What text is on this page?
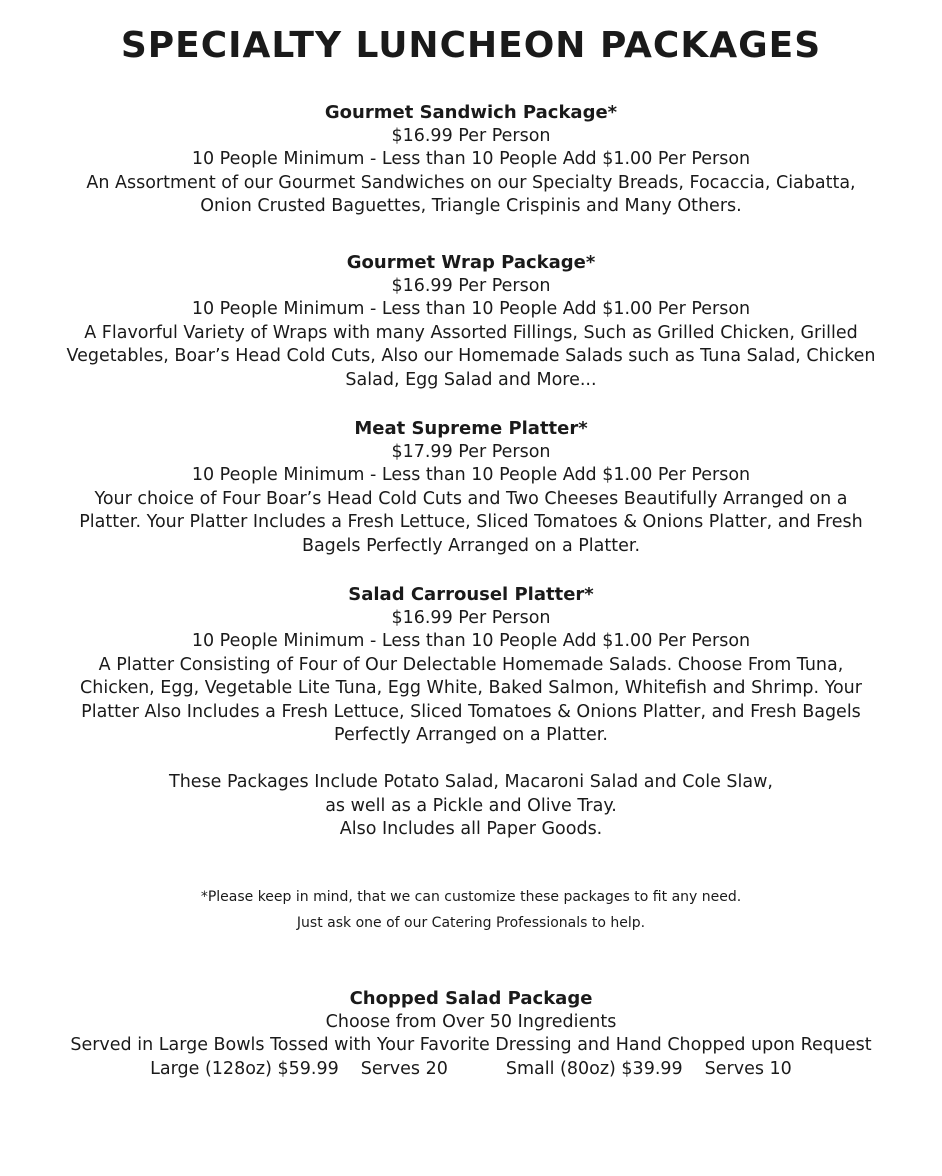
SPECIALTY LUNCHEON PACKAGES
Gourmet Sandwich Package*
$16.99 Per Person
10 People Minimum - Less than 10 People Add $1.00 Per Person
An Assortment of our Gourmet Sandwiches on our Specialty Breads, Focaccia, Ciabatta,
Onion Crusted Baguettes, Triangle Crispinis and Many Others.
Gourmet Wrap Package*
$16.99 Per Person
10 People Minimum - Less than 10 People Add $1.00 Per Person
A Flavorful Variety of Wraps with many Assorted Fillings, Such as Grilled Chicken, Grilled
Vegetables, Boar’s Head Cold Cuts, Also our Homemade Salads such as Tuna Salad, Chicken
Salad, Egg Salad and More...
Meat Supreme Platter*
$17.99 Per Person
10 People Minimum - Less than 10 People Add $1.00 Per Person
Your choice of Four Boar’s Head Cold Cuts and Two Cheeses Beautifully Arranged on a
Platter. Your Platter Includes a Fresh Lettuce, Sliced Tomatoes & Onions Platter, and Fresh
Bagels Perfectly Arranged on a Platter.
Salad Carrousel Platter*
$16.99 Per Person
10 People Minimum - Less than 10 People Add $1.00 Per Person
A Platter Consisting of Four of Our Delectable Homemade Salads. Choose From Tuna,
Chicken, Egg, Vegetable Lite Tuna, Egg White, Baked Salmon, Whitefish and Shrimp. Your
Platter Also Includes a Fresh Lettuce, Sliced Tomatoes & Onions Platter, and Fresh Bagels
Perfectly Arranged on a Platter.
These Packages Include Potato Salad, Macaroni Salad and Cole Slaw,
as well as a Pickle and Olive Tray.
Also Includes all Paper Goods.
*Please keep in mind, that we can customize these packages to fit any need.
Just ask one of our Catering Professionals to help.
Chopped Salad Package
Choose from Over 50 Ingredients
Served in Large Bowls Tossed with Your Favorite Dressing and Hand Chopped upon Request
Large (128oz) $59.99 Serves 20	Small (80oz) $39.99 Serves 10
